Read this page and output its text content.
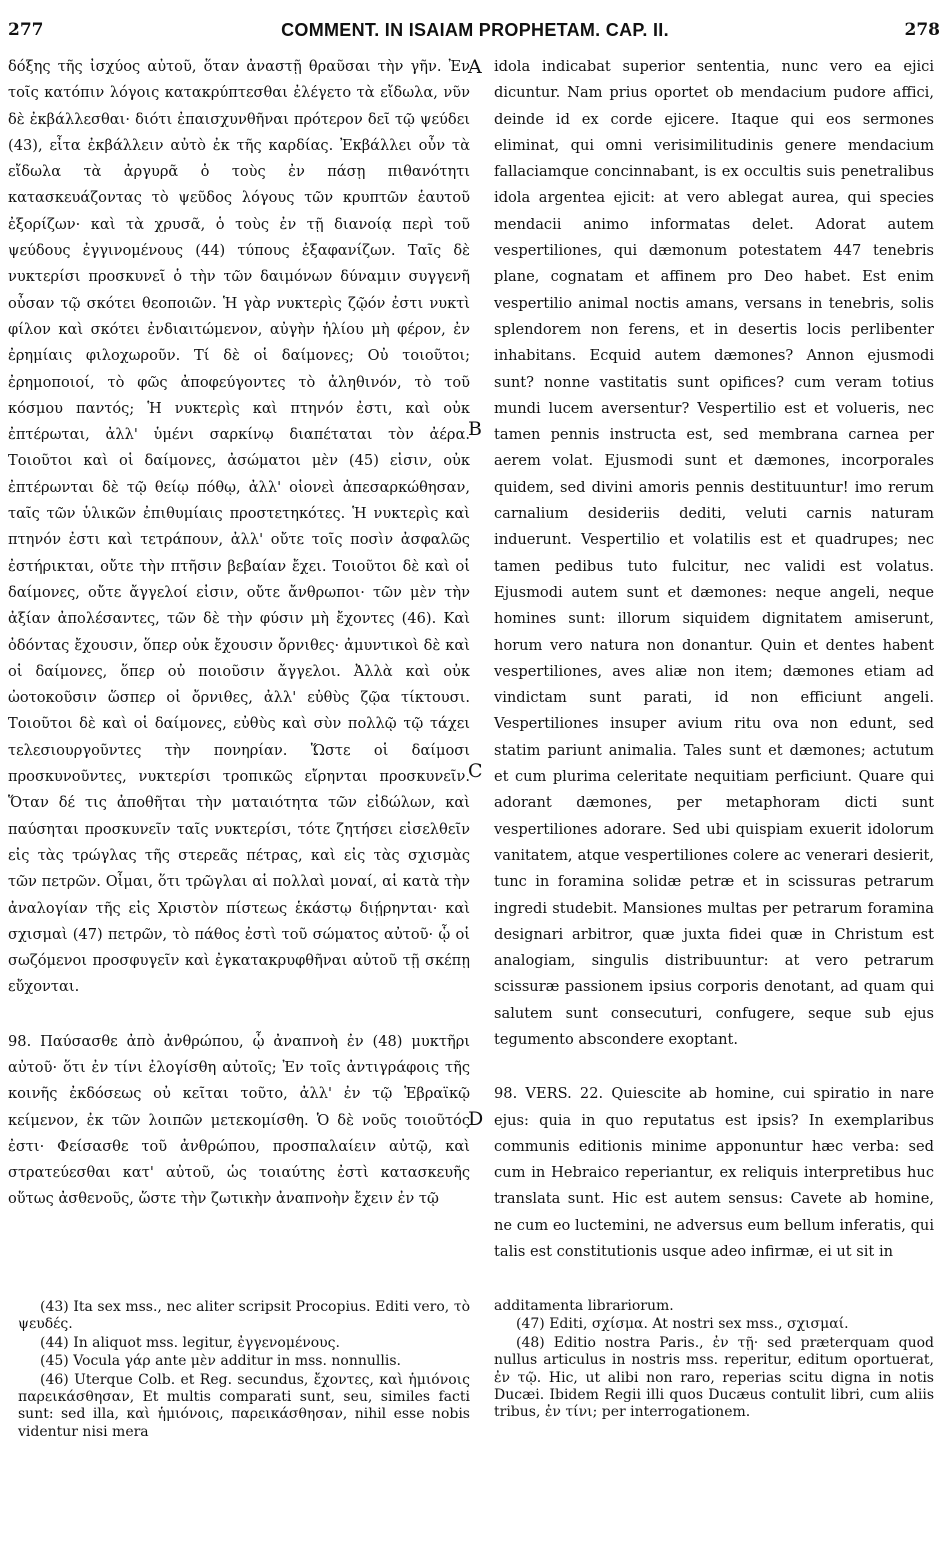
277	COMMENT. IN ISAIAM PROPHETAM. CAP. II.	278

δόξης τῆς ἰσχύος αὐτοῦ, ὅταν ἀναστῇ θραῦσαι τὴν γῆν. Ἐν τοῖς κατόπιν λόγοις κατακρύπτεσθαι ἐλέγετο τὰ εἴδωλα, νῦν δὲ ἐκβάλλεσθαι· διότι ἐπαισχυνθῆναι πρότερον δεῖ τῷ ψεύδει (43), εἶτα ἐκβάλλειν αὐτὸ ἐκ τῆς καρδίας. Ἐκβάλλει οὖν τὰ εἴδωλα τὰ ἀργυρᾶ ὁ τοὺς ἐν πάσῃ πιθανότητι κατασκευάζοντας τὸ ψεῦδος λόγους τῶν κρυπτῶν ἑαυτοῦ ἐξορίζων· καὶ τὰ χρυσᾶ, ὁ τοὺς ἐν τῇ διανοίᾳ περὶ τοῦ ψεύδους ἐγγινομένους (44) τύπους ἐξαφανίζων. Ταῖς δὲ νυκτερίσι προσκυνεῖ ὁ τὴν τῶν δαιμόνων δύναμιν συγγενῆ οὖσαν τῷ σκότει θεοποιῶν. Ἡ γὰρ νυκτερὶς ζῷόν ἐστι νυκτὶ φίλον καὶ σκότει ἐνδιαιτώμενον, αὐγὴν ἡλίου μὴ φέρον, ἐν ἐρημίαις φιλοχωροῦν. Τί δὲ οἱ δαίμονες; Οὐ τοιοῦτοι; ἐρημοποιοί, τὸ φῶς ἀποφεύγοντες τὸ ἀληθινόν, τὸ τοῦ κόσμου παντός; Ἡ νυκτερὶς καὶ πτηνόν ἐστι, καὶ οὐκ ἐπτέρωται, ἀλλ' ὑμένι σαρκίνῳ διαπέταται τὸν ἀέρα. Τοιοῦτοι καὶ οἱ δαίμονες, ἀσώματοι μὲν (45) εἰσιν, οὐκ ἐπτέρωνται δὲ τῷ θείῳ πόθῳ, ἀλλ' οἱονεὶ ἀπεσαρκώθησαν, ταῖς τῶν ὑλικῶν ἐπιθυμίαις προστετηκότες. Ἡ νυκτερὶς καὶ πτηνόν ἐστι καὶ τετράπουν, ἀλλ' οὔτε τοῖς ποσὶν ἀσφαλῶς ἐστήρικται, οὔτε τὴν πτῆσιν βεβαίαν ἔχει. Τοιοῦτοι δὲ καὶ οἱ δαίμονες, οὔτε ἄγγελοί εἰσιν, οὔτε ἄνθρωποι· τῶν μὲν τὴν ἀξίαν ἀπολέσαντες, τῶν δὲ τὴν φύσιν μὴ ἔχοντες (46). Καὶ ὀδόντας ἔχουσιν, ὅπερ οὐκ ἔχουσιν ὄρνιθες· ἀμυντικοὶ δὲ καὶ οἱ δαίμονες, ὅπερ οὐ ποιοῦσιν ἄγγελοι. Ἀλλὰ καὶ οὐκ ὠοτοκοῦσιν ὥσπερ οἱ ὄρνιθες, ἀλλ' εὐθὺς ζῷα τίκτουσι. Τοιοῦτοι δὲ καὶ οἱ δαίμονες, εὐθὺς καὶ σὺν πολλῷ τῷ τάχει τελεσιουργοῦντες τὴν πονηρίαν. Ὥστε οἱ δαίμοσι προσκυνοῦντες, νυκτερίσι τροπικῶς εἴρηνται προσκυνεῖν. Ὅταν δέ τις ἀποθῆται τὴν ματαιότητα τῶν εἰδώλων, καὶ παύσηται προσκυνεῖν ταῖς νυκτερίσι, τότε ζητήσει εἰσελθεῖν εἰς τὰς τρώγλας τῆς στερεᾶς πέτρας, καὶ εἰς τὰς σχισμὰς τῶν πετρῶν. Οἶμαι, ὅτι τρῶγλαι αἱ πολλαὶ μοναί, αἱ κατὰ τὴν ἀναλογίαν τῆς εἰς Χριστὸν πίστεως ἑκάστῳ διῄρηνται· καὶ σχισμαὶ (47) πετρῶν, τὸ πάθος ἐστὶ τοῦ σώματος αὐτοῦ· ᾧ οἱ σωζόμενοι προσφυγεῖν καὶ ἐγκατακρυφθῆναι αὐτοῦ τῇ σκέπῃ εὔχονται.

98. Παύσασθε ἀπὸ ἀνθρώπου, ᾧ ἀναπνοὴ ἐν (48) μυκτῆρι αὐτοῦ· ὅτι ἐν τίνι ἐλογίσθη αὐτοῖς; Ἐν τοῖς ἀντιγράφοις τῆς κοινῆς ἐκδόσεως οὐ κεῖται τοῦτο, ἀλλ' ἐν τῷ Ἑβραϊκῷ κείμενον, ἐκ τῶν λοιπῶν μετεκομίσθη. Ὁ δὲ νοῦς τοιοῦτός ἐστι· Φείσασθε τοῦ ἀνθρώπου, προσπαλαίειν αὐτῷ, καὶ στρατεύεσθαι κατ' αὐτοῦ, ὡς τοιαύτης ἐστὶ κατασκευῆς οὕτως ἀσθενοῦς, ὥστε τὴν ζωτικὴν ἀναπνοὴν ἔχειν ἐν τῷ

A
B
C
D

idola indicabat superior sententia, nunc vero ea ejici dicuntur. Nam prius oportet ob mendacium pudore affici, deinde id ex corde ejicere. Itaque qui eos sermones eliminat, qui omni verisimilitudinis genere mendacium fallaciamque concinnabant, is ex occultis suis penetralibus idola argentea ejicit: at vero ablegat aurea, qui species mendacii animo informatas delet. Adorat autem vespertiliones, qui dæmonum potestatem 447 tenebris plane, cognatam et affinem pro Deo habet. Est enim vespertilio animal noctis amans, versans in tenebris, solis splendorem non ferens, et in desertis locis perlibenter inhabitans. Ecquid autem dæmones? Annon ejusmodi sunt? nonne vastitatis sunt opifices? cum veram totius mundi lucem aversentur? Vespertilio est et volueris, nec tamen pennis instructa est, sed membrana carnea per aerem volat. Ejusmodi sunt et dæmones, incorporales quidem, sed divini amoris pennis destituuntur! imo rerum carnalium desideriis dediti, veluti carnis naturam induerunt. Vespertilio et volatilis est et quadrupes; nec tamen pedibus tuto fulcitur, nec validi est volatus. Ejusmodi autem sunt et dæmones: neque angeli, neque homines sunt: illorum siquidem dignitatem amiserunt, horum vero natura non donantur. Quin et dentes habent vespertiliones, aves aliæ non item; dæmones etiam ad vindictam sunt parati, id non efficiunt angeli. Vespertiliones insuper avium ritu ova non edunt, sed statim pariunt animalia. Tales sunt et dæmones; actutum et cum plurima celeritate nequitiam perficiunt. Quare qui adorant dæmones, per metaphoram dicti sunt vespertiliones adorare. Sed ubi quispiam exuerit idolorum vanitatem, atque vespertiliones colere ac venerari desierit, tunc in foramina solidæ petræ et in scissuras petrarum ingredi studebit. Mansiones multas per petrarum foramina designari arbitror, quæ juxta fidei quæ in Christum est analogiam, singulis distribuuntur: at vero petrarum scissuræ passionem ipsius corporis denotant, ad quam qui salutem sunt consecuturi, confugere, seque sub ejus tegumento abscondere exoptant.

98. VERS. 22. Quiescite ab homine, cui spiratio in nare ejus: quia in quo reputatus est ipsis? In exemplaribus communis editionis minime apponuntur hæc verba: sed cum in Hebraico reperiantur, ex reliquis interpretibus huc translata sunt. Hic est autem sensus: Cavete ab homine, ne cum eo luctemini, ne adversus eum bellum inferatis, qui talis est constitutionis usque adeo infirmæ, ei ut sit in

(43) Ita sex mss., nec aliter scripsit Procopius. Editi vero, τὸ ψευδές.

(44) In aliquot mss. legitur, ἐγγενομένους.

(45) Vocula γάρ ante μὲν additur in mss. nonnullis.

(46) Uterque Colb. et Reg. secundus, ἔχοντες, καὶ ἡμιόνοις παρεικάσθησαν, Et multis comparati sunt, seu, similes facti sunt: sed illa, καὶ ἡμιόνοις, παρεικάσθησαν, nihil esse nobis videntur nisi mera

additamenta librariorum.

(47) Editi, σχίσμα. At nostri sex mss., σχισμαί.

(48) Editio nostra Paris., ἐν τῇ· sed præterquam quod nullus articulus in nostris mss. reperitur, editum oportuerat, ἐν τῷ. Hic, ut alibi non raro, reperias scitu digna in notis Ducæi. Ibidem Regii illi quos Ducæus contulit libri, cum aliis tribus, ἐν τίνι; per interrogationem.
